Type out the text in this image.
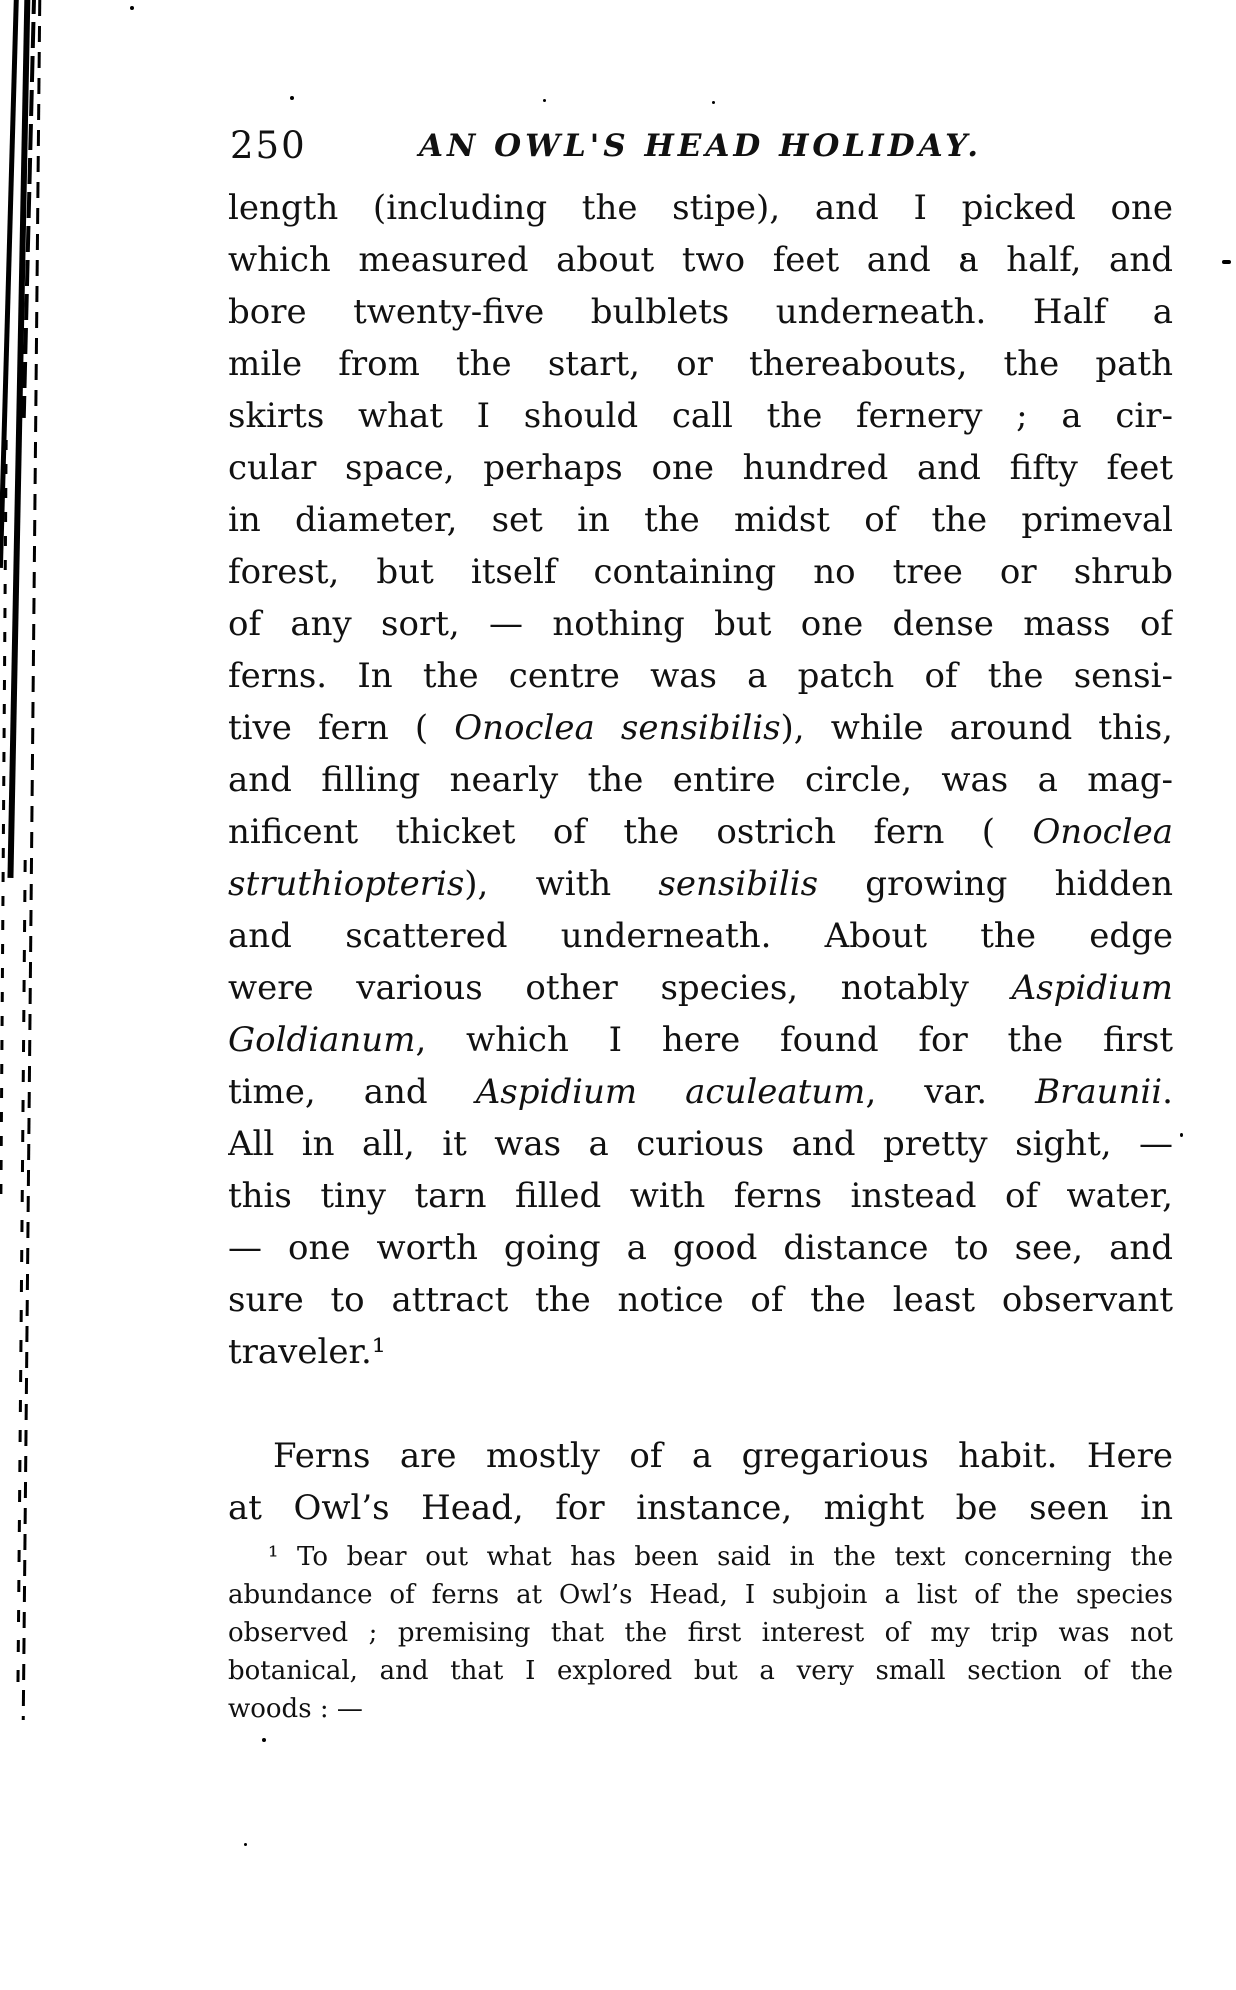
250	AN OWL'S HEAD HOLIDAY.
length (including the stipe), and I picked one
which measured about two feet and a half, and
bore twenty-five bulblets underneath. Half a
mile from the start, or thereabouts, the path
skirts what I should call the fernery ; a cir-
cular space, perhaps one hundred and fifty feet
in diameter, set in the midst of the primeval
forest, but itself containing no tree or shrub
of any sort, — nothing but one dense mass of
ferns. In the centre was a patch of the sensi-
tive fern ( Onoclea sensibilis), while around this,
and filling nearly the entire circle, was a mag-
nificent thicket of the ostrich fern ( Onoclea
struthiopteris), with sensibilis growing hidden
and scattered underneath. About the edge
were various other species, notably Aspidium
Goldianum, which I here found for the first
time, and Aspidium aculeatum, var. Braunii.
All in all, it was a curious and pretty sight, —
this tiny tarn filled with ferns instead of water,
— one worth going a good distance to see, and
sure to attract the notice of the least observant
traveler.¹
Ferns are mostly of a gregarious habit. Here
at Owl’s Head, for instance, might be seen in
¹ To bear out what has been said in the text concerning the
abundance of ferns at Owl’s Head, I subjoin a list of the species
observed ; premising that the first interest of my trip was not
botanical, and that I explored but a very small section of the
woods : —
